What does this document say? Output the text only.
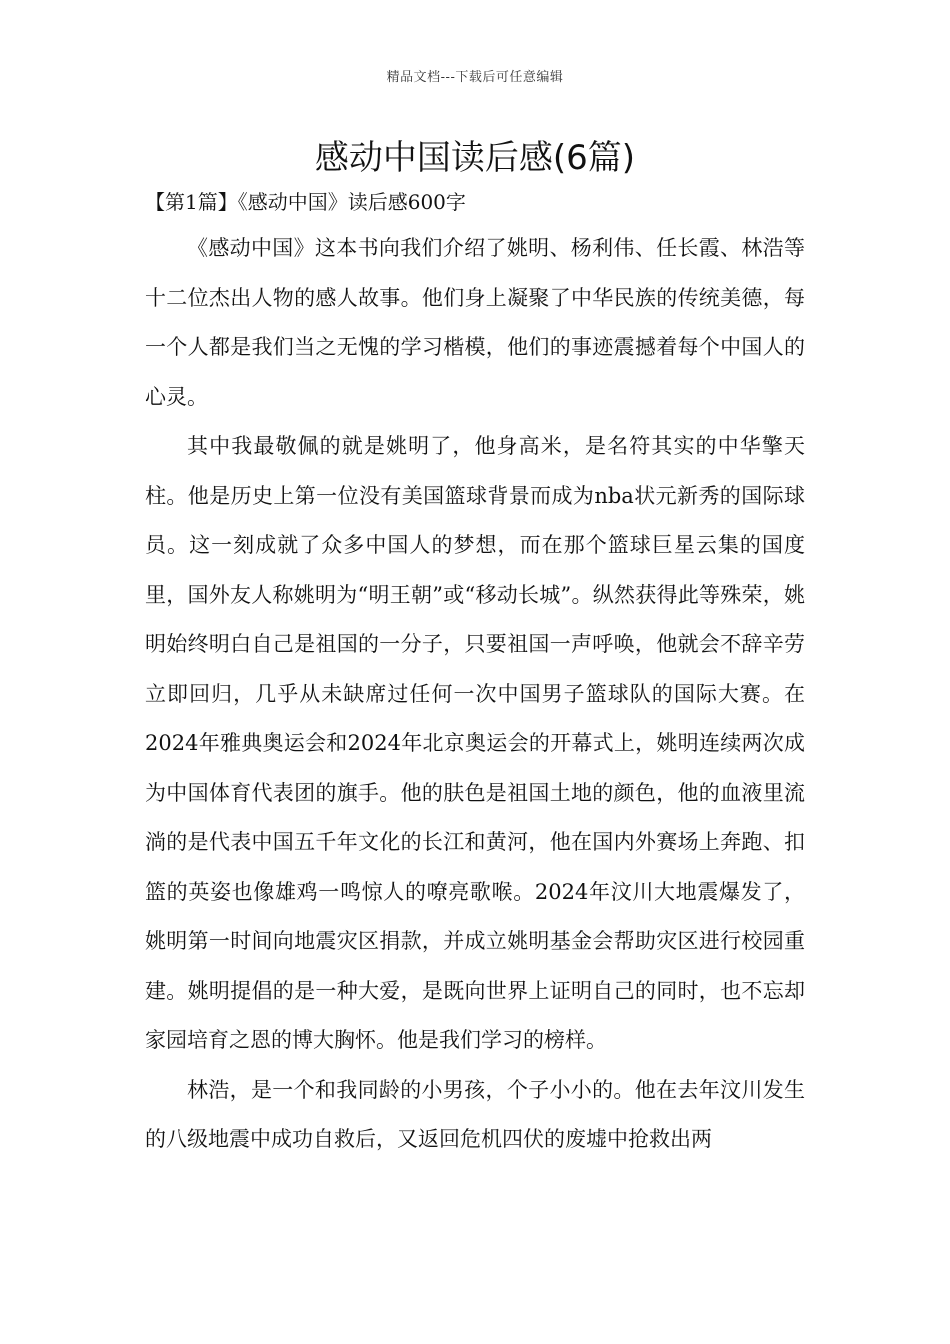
精品文档---下载后可任意编辑
感动中国读后感(6篇)
【第1篇】《感动中国》读后感600字

《感动中国》这本书向我们介绍了姚明、杨利伟、任长霞、林浩等十二位杰出人物的感人故事。他们身上凝聚了中华民族的传统美德，每一个人都是我们当之无愧的学习楷模，他们的事迹震撼着每个中国人的心灵。

其中我最敬佩的就是姚明了，他身高米，是名符其实的中华擎天柱。他是历史上第一位没有美国篮球背景而成为nba状元新秀的国际球员。这一刻成就了众多中国人的梦想，而在那个篮球巨星云集的国度里，国外友人称姚明为“明王朝”或“移动长城”。纵然获得此等殊荣，姚明始终明白自己是祖国的一分子，只要祖国一声呼唤，他就会不辞辛劳立即回归，几乎从未缺席过任何一次中国男子篮球队的国际大赛。在2024年雅典奥运会和2024年北京奥运会的开幕式上，姚明连续两次成为中国体育代表团的旗手。他的肤色是祖国土地的颜色，他的血液里流淌的是代表中国五千年文化的长江和黄河，他在国内外赛场上奔跑、扣篮的英姿也像雄鸡一鸣惊人的嘹亮歌喉。2024年汶川大地震爆发了，姚明第一时间向地震灾区捐款，并成立姚明基金会帮助灾区进行校园重建。姚明提倡的是一种大爱，是既向世界上证明自己的同时，也不忘却家园培育之恩的博大胸怀。他是我们学习的榜样。

林浩，是一个和我同龄的小男孩，个子小小的。他在去年汶川发生的八级地震中成功自救后，又返回危机四伏的废墟中抢救出两
